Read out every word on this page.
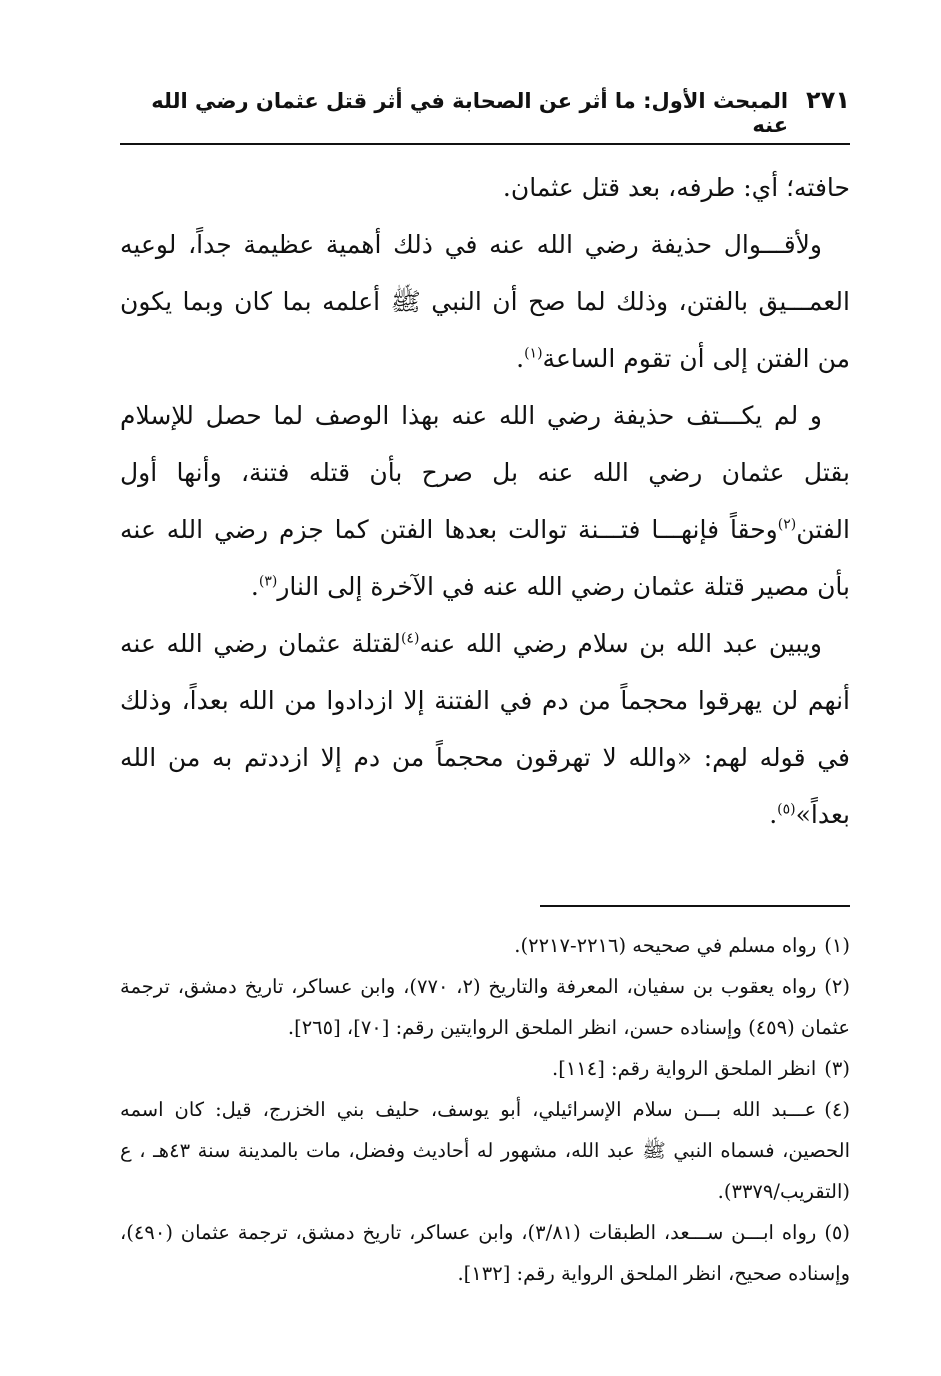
٢٧١
المبحث الأول: ما أثر عن الصحابة في أثر قتل عثمان رضي الله عنه

حافته؛ أي: طرفه، بعد قتل عثمان.

ولأقـــوال حذيفة رضي الله عنه في ذلك أهمية عظيمة جداً، لوعيه العمـــيق بالفتن، وذلك لما صح أن النبي ﷺ أعلمه بما كان وبما يكون من الفتن إلى أن تقوم الساعة$^{(١)}$.

و لم يكـــتف حذيفة رضي الله عنه بهذا الوصف لما حصل للإسلام بقتل عثمان رضي الله عنه بل صرح بأن قتله فتنة، وأنها أول الفتن$^{(٢)}$وحقاً فإنهـــا فتـــنة توالت بعدها الفتن كما جزم رضي الله عنه بأن مصير قتلة عثمان رضي الله عنه في الآخرة إلى النار$^{(٣)}$.

ويبين عبد الله بن سلام رضي الله عنه$^{(٤)}$لقتلة عثمان رضي الله عنه أنهم لن يهرقوا محجماً من دم في الفتنة إلا ازدادوا من الله بعداً، وذلك في قوله لهم: «والله لا تهرقون محجماً من دم إلا ازددتم به من الله بعداً»$^{(٥)}$.

(١)رواه مسلم في صحيحه (٢٢١٦-٢٢١٧).

(٢)رواه يعقوب بن سفيان، المعرفة والتاريخ (٢، ٧٧٠)، وابن عساكر، تاريخ دمشق، ترجمة عثمان (٤٥٩) وإسناده حسن، انظر الملحق الروايتين رقم: [٧٠]، [٢٦٥].

(٣)انظر الملحق الرواية رقم: [١١٤].

(٤)عـــبد الله بـــن سلام الإسرائيلي، أبو يوسف، حليف بني الخزرج، قيل: كان اسمه الحصين، فسماه النبي ﷺ عبد الله، مشهور له أحاديث وفضل، مات بالمدينة سنة ٤٣هـ ، ع (التقريب/٣٣٧٩).

(٥)رواه ابـــن ســـعد، الطبقات (٣/٨١)، وابن عساكر، تاريخ دمشق، ترجمة عثمان (٤٩٠)، وإسناده صحيح، انظر الملحق الرواية رقم: [١٣٢].
